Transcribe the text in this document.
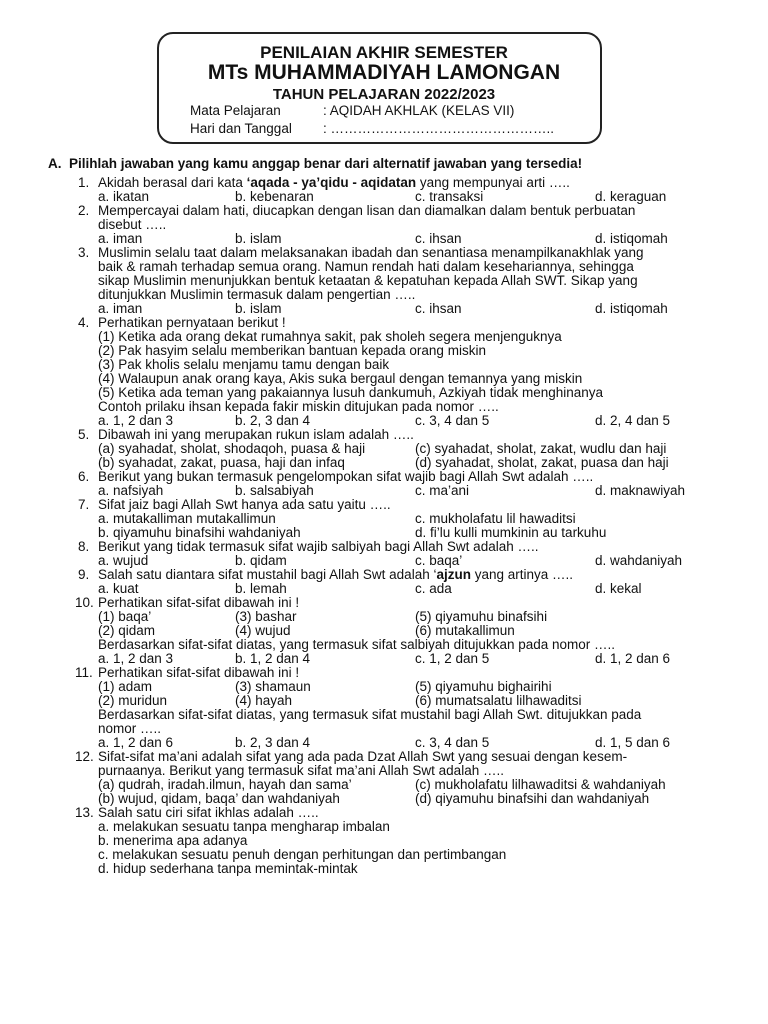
PENILAIAN AKHIR SEMESTER
MTs MUHAMMADIYAH LAMONGAN
TAHUN PELAJARAN 2022/2023
Mata Pelajaran	: AQIDAH AKHLAK (KELAS VII)
Hari dan Tanggal : …………………………………………..
A. Pilihlah jawaban yang kamu anggap benar dari alternatif jawaban yang tersedia!
1. Akidah berasal dari kata ‘aqada - ya’qidu - aqidatan yang mempunyai arti …..
a. ikatan	b. kebenaran	c. transaksi	d. keraguan
2. Mempercayai dalam hati, diucapkan dengan lisan dan diamalkan dalam bentuk perbuatan
disebut …..
a. iman	b. islam	c. ihsan	d. istiqomah
3. Muslimin selalu taat dalam melaksanakan ibadah dan senantiasa menampilkanakhlak yang
baik & ramah terhadap semua orang. Namun rendah hati dalam kesehariannya, sehingga
sikap Muslimin menunjukkan bentuk ketaatan & kepatuhan kepada Allah SWT. Sikap yang
ditunjukkan Muslimin termasuk dalam pengertian …..
a. iman	b. islam	c. ihsan	d. istiqomah
4. Perhatikan pernyataan berikut !
(1) Ketika ada orang dekat rumahnya sakit, pak sholeh segera menjenguknya
(2) Pak hasyim selalu memberikan bantuan kepada orang miskin
(3) Pak kholis selalu menjamu tamu dengan baik
(4) Walaupun anak orang kaya, Akis suka bergaul dengan temannya yang miskin
(5) Ketika ada teman yang pakaiannya lusuh dankumuh, Azkiyah tidak menghinanya
Contoh prilaku ihsan kepada fakir miskin ditujukan pada nomor …..
a. 1, 2 dan 3	b. 2, 3 dan 4	c. 3, 4 dan 5	d. 2, 4 dan 5
5. Dibawah ini yang merupakan rukun islam adalah …..
(a) syahadat, sholat, shodaqoh, puasa & haji	(c) syahadat, sholat, zakat, wudlu dan haji
(b) syahadat, zakat, puasa, haji dan infaq	(d) syahadat, sholat, zakat, puasa dan haji
6. Berikut yang bukan termasuk pengelompokan sifat wajib bagi Allah Swt adalah …..
a. nafsiyah	b. salsabiyah	c. ma’ani	d. maknawiyah
7. Sifat jaiz bagi Allah Swt hanya ada satu yaitu …..
a. mutakalliman mutakallimun	c. mukholafatu lil hawaditsi
b. qiyamuhu binafsihi wahdaniyah	d. fi’lu kulli mumkinin au tarkuhu
8. Berikut yang tidak termasuk sifat wajib salbiyah bagi Allah Swt adalah …..
a. wujud	b. qidam	c. baqa’	d. wahdaniyah
9. Salah satu diantara sifat mustahil bagi Allah Swt adalah ‘ajzun yang artinya …..
a. kuat	b. lemah	c. ada	d. kekal
10. Perhatikan sifat-sifat dibawah ini !
(1) baqa’	(3) bashar	(5) qiyamuhu binafsihi
(2) qidam	(4) wujud	(6) mutakallimun
Berdasarkan sifat-sifat diatas, yang termasuk sifat salbiyah ditujukkan pada nomor …..
a. 1, 2 dan 3	b. 1, 2 dan 4	c. 1, 2 dan 5	d. 1, 2 dan 6
11. Perhatikan sifat-sifat dibawah ini !
(1) adam	(3) shamaun	(5) qiyamuhu bighairihi
(2) muridun	(4) hayah	(6) mumatsalatu lilhawaditsi
Berdasarkan sifat-sifat diatas, yang termasuk sifat mustahil bagi Allah Swt. ditujukkan pada
nomor …..
a. 1, 2 dan 6	b. 2, 3 dan 4	c. 3, 4 dan 5	d. 1, 5 dan 6
12. Sifat-sifat ma’ani adalah sifat yang ada pada Dzat Allah Swt yang sesuai dengan kesem-
purnaanya. Berikut yang termasuk sifat ma’ani Allah Swt adalah …..
(a) qudrah, iradah.ilmun, hayah dan sama’	(c) mukholafatu lilhawaditsi & wahdaniyah
(b) wujud, qidam, baqa’ dan wahdaniyah	(d) qiyamuhu binafsihi dan wahdaniyah
13. Salah satu ciri sifat ikhlas adalah …..
a. melakukan sesuatu tanpa mengharap imbalan
b. menerima apa adanya
c. melakukan sesuatu penuh dengan perhitungan dan pertimbangan
d. hidup sederhana tanpa memintak-mintak
